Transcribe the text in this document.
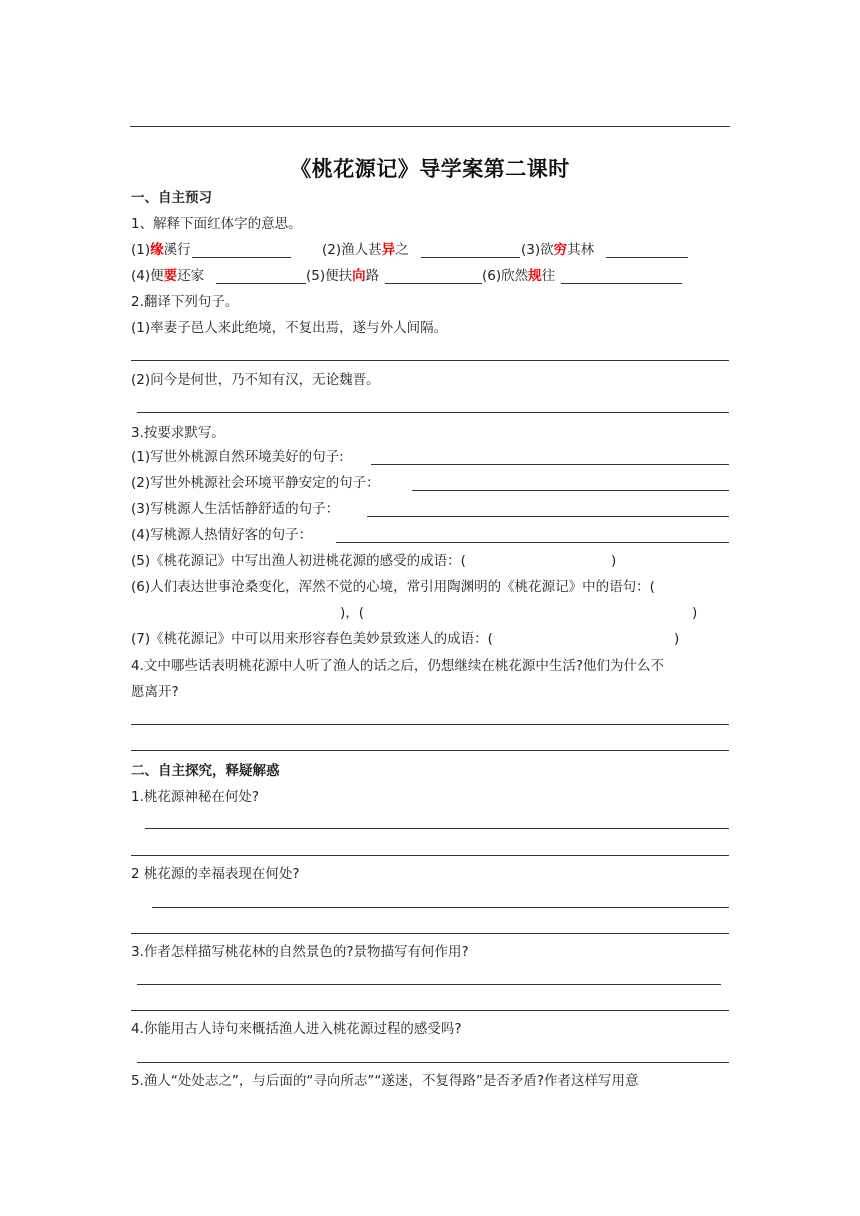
《桃花源记》导学案第二课时
一、自主预习
1、解释下面红体字的意思。
(1)缘溪行	(2)渔人甚异之	(3)欲穷其林
(4)便要还家	(5)便扶向路	(6)欣然规往
2.翻译下列句子。
(1)率妻子邑人来此绝境，不复出焉，遂与外人间隔。
(2)问今是何世，乃不知有汉，无论魏晋。
3.按要求默写。
(1)写世外桃源自然环境美好的句子:
(2)写世外桃源社会环境平静安定的句子：
(3)写桃源人生活恬静舒适的句子：
(4)写桃源人热情好客的句子：
(5)《桃花源记》中写出渔人初进桃花源的感受的成语：(	)
(6)人们表达世事沧桑变化，浑然不觉的心境，常引用陶渊明的《桃花源记》中的语句：(
)，(	)
(7)《桃花源记》中可以用来形容春色美妙景致迷人的成语：(	)
4.文中哪些话表明桃花源中人听了渔人的话之后，仍想继续在桃花源中生活?他们为什么不
愿离开?
二、自主探究，释疑解惑
1.桃花源神秘在何处?
2 桃花源的幸福表现在何处?
3.作者怎样描写桃花林的自然景色的?景物描写有何作用?
4.你能用古人诗句来概括渔人进入桃花源过程的感受吗?
5.渔人“处处志之”，与后面的“寻向所志”“遂迷，不复得路”是否矛盾?作者这样写用意
